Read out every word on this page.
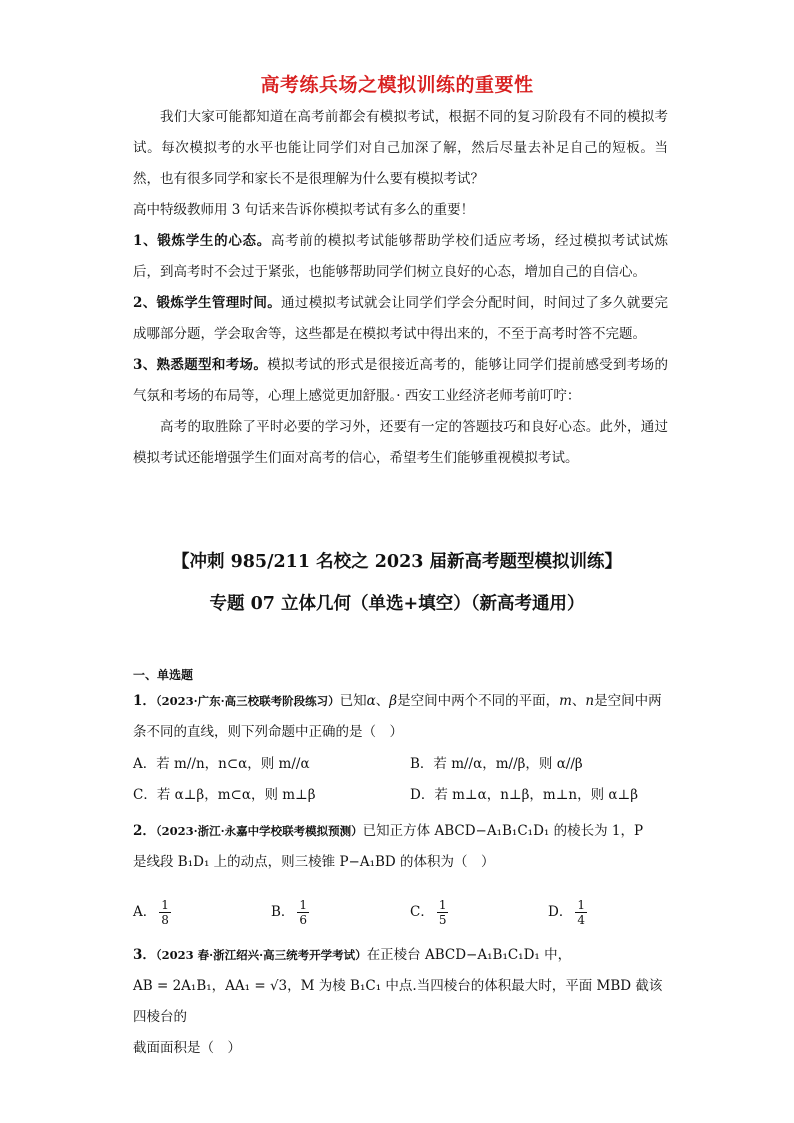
高考练兵场之模拟训练的重要性
我们大家可能都知道在高考前都会有模拟考试，根据不同的复习阶段有不同的模拟考试。每次模拟考的水平也能让同学们对自己加深了解，然后尽量去补足自己的短板。当然，也有很多同学和家长不是很理解为什么要有模拟考试？
高中特级教师用 3 句话来告诉你模拟考试有多么的重要！
1、锻炼学生的心态。高考前的模拟考试能够帮助学校们适应考场，经过模拟考试试炼后，到高考时不会过于紧张，也能够帮助同学们树立良好的心态，增加自己的自信心。
2、锻炼学生管理时间。通过模拟考试就会让同学们学会分配时间，时间过了多久就要完成哪部分题，学会取舍等，这些都是在模拟考试中得出来的，不至于高考时答不完题。
3、熟悉题型和考场。模拟考试的形式是很接近高考的，能够让同学们提前感受到考场的气氛和考场的布局等，心理上感觉更加舒服。· 西安工业经济老师考前叮咛：
高考的取胜除了平时必要的学习外，还要有一定的答题技巧和良好心态。此外，通过模拟考试还能增强学生们面对高考的信心，希望考生们能够重视模拟考试。
【冲刺 985/211 名校之 2023 届新高考题型模拟训练】
专题 07 立体几何（单选+填空）（新高考通用）
一、单选题
1．（2023·广东·高三校联考阶段练习）已知α、β是空间中两个不同的平面，m、n是空间中两条不同的直线，则下列命题中正确的是（　）
A．若 m//n，n⊂α，则 m//α	B．若 m//α，m//β，则 α//β
C．若 α⊥β，m⊂α，则 m⊥β	D．若 m⊥α，n⊥β，m⊥n，则 α⊥β
2．（2023·浙江·永嘉中学校联考模拟预测）已知正方体 ABCD−A₁B₁C₁D₁ 的棱长为 1，P
是线段 B₁D₁ 上的动点，则三棱锥 P−A₁BD 的体积为（　）
A． $\frac{1}{8}$	B． $\frac{1}{6}$	C． $\frac{1}{5}$	D． $\frac{1}{4}$
3．（2023 春·浙江绍兴·高三统考开学考试）在正棱台 ABCD−A₁B₁C₁D₁ 中，
AB = 2A₁B₁，AA₁ = √3，M 为棱 B₁C₁ 中点.当四棱台的体积最大时，平面 MBD 截该四棱台的
截面面积是（　）
